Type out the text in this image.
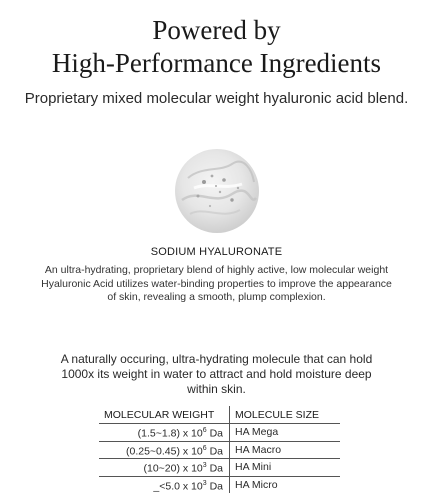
Powered by
High-Performance Ingredients

Proprietary mixed molecular weight hyaluronic acid blend.

SODIUM HYALURONATE

An ultra-hydrating, proprietary blend of highly active, low molecular weight Hyaluronic Acid utilizes water-binding properties to improve the appearance of skin, revealing a smooth, plump complexion.

A naturally occuring, ultra-hydrating molecule that can hold 1000x its weight in water to attract and hold moisture deep within skin.

MOLECULAR WEIGHT	MOLECULE SIZE
(1.5~1.8) x $10^6$ Da	HA Mega
(0.25~0.45) x $10^6$ Da	HA Macro
(10~20) x $10^3$ Da	HA Mini
_<5.0 x $10^3$ Da	HA Micro
